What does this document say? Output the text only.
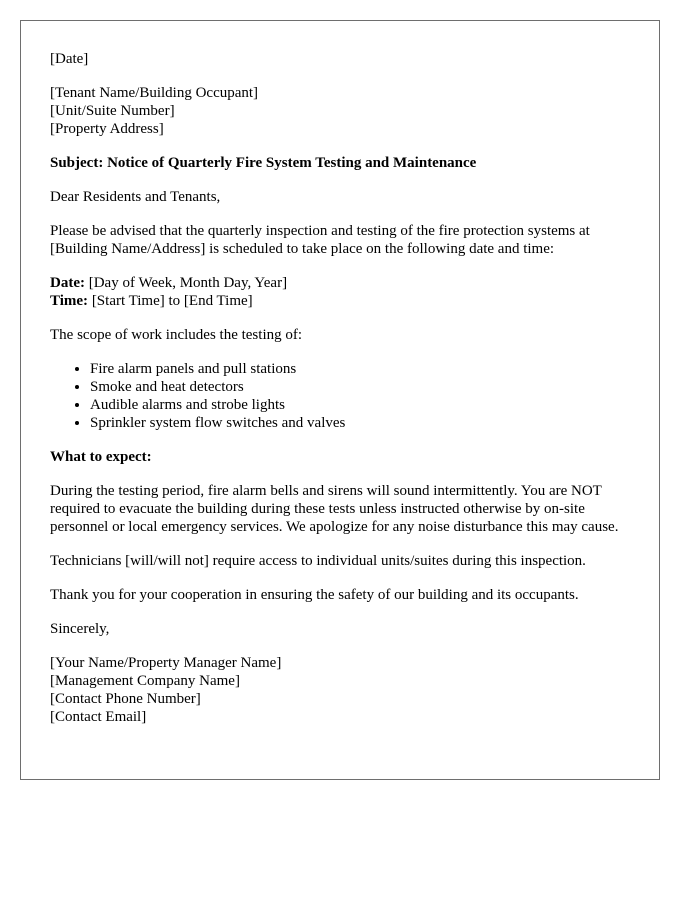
[Date]

[Tenant Name/Building Occupant]
[Unit/Suite Number]
[Property Address]

Subject: Notice of Quarterly Fire System Testing and Maintenance

Dear Residents and Tenants,

Please be advised that the quarterly inspection and testing of the fire protection systems at [Building Name/Address] is scheduled to take place on the following date and time:

Date: [Day of Week, Month Day, Year]
Time: [Start Time] to [End Time]

The scope of work includes the testing of:

• Fire alarm panels and pull stations
• Smoke and heat detectors
• Audible alarms and strobe lights
• Sprinkler system flow switches and valves

What to expect:

During the testing period, fire alarm bells and sirens will sound intermittently. You are NOT required to evacuate the building during these tests unless instructed otherwise by on-site personnel or local emergency services. We apologize for any noise disturbance this may cause.

Technicians [will/will not] require access to individual units/suites during this inspection.

Thank you for your cooperation in ensuring the safety of our building and its occupants.

Sincerely,

[Your Name/Property Manager Name]
[Management Company Name]
[Contact Phone Number]
[Contact Email]
